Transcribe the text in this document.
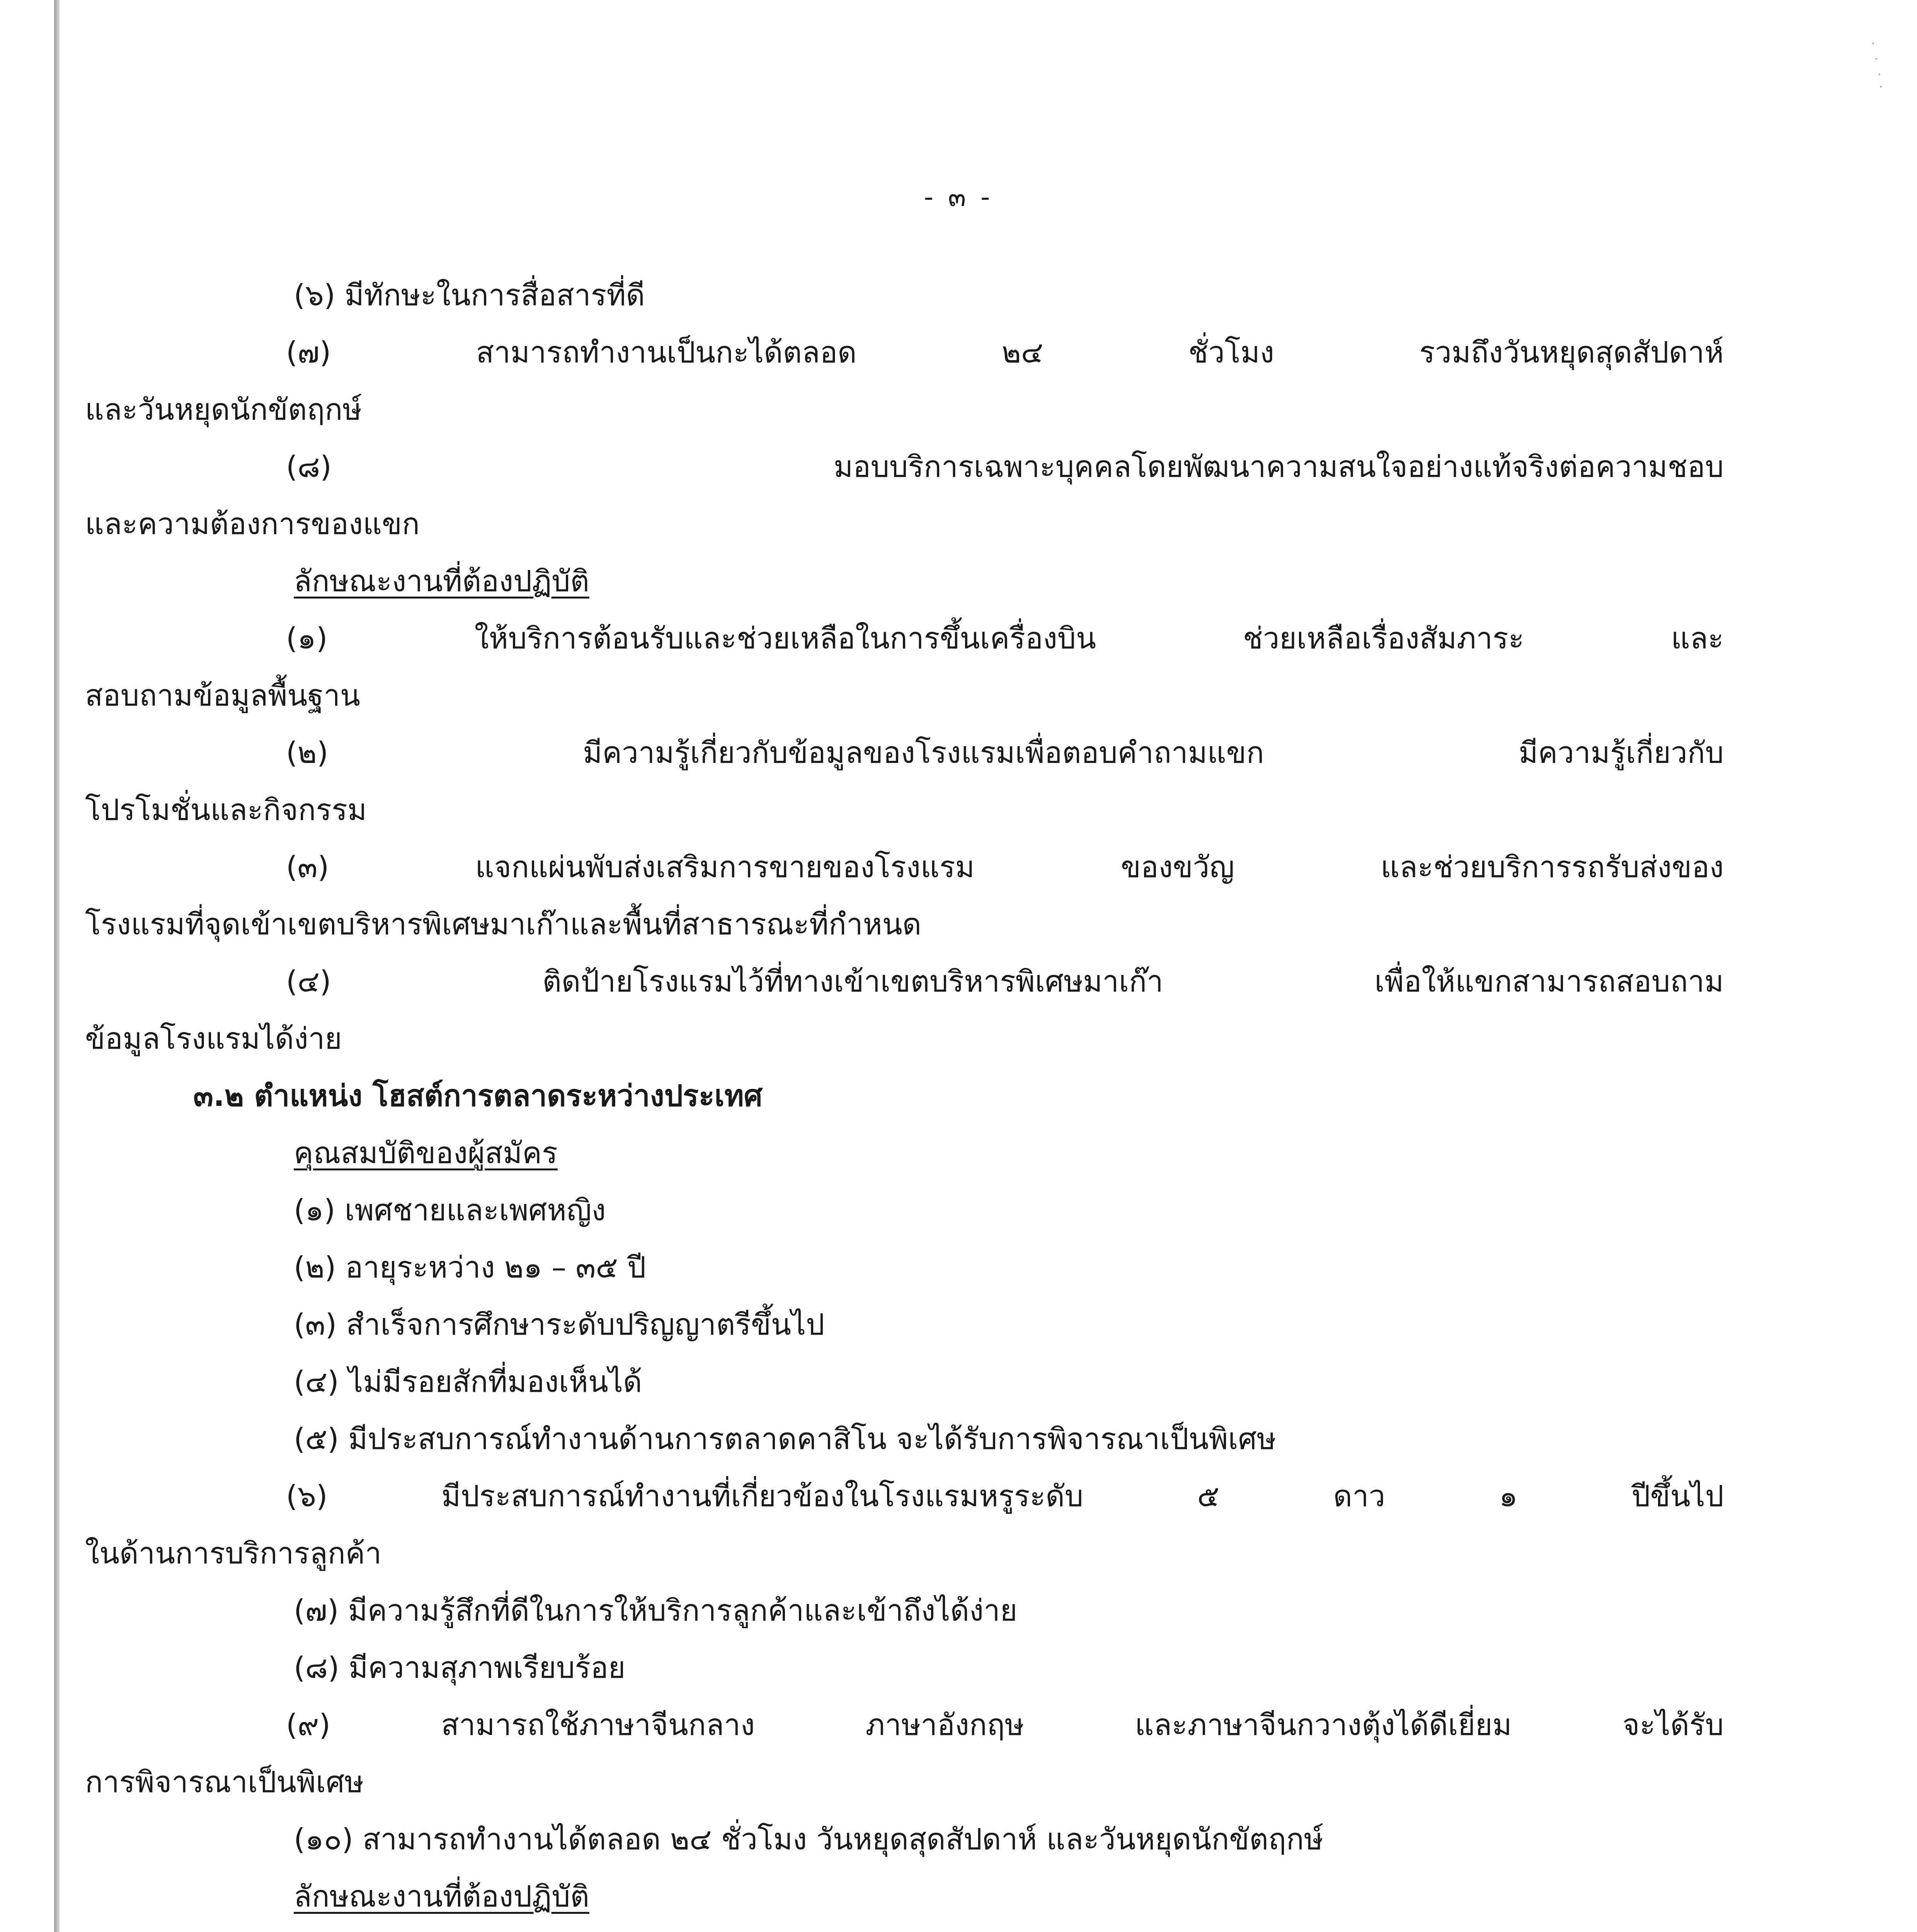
- ๓ -

(๖) มีทักษะในการสื่อสารที่ดี

(๗) สามารถทำงานเป็นกะได้ตลอด ๒๔ ชั่วโมง รวมถึงวันหยุดสุดสัปดาห์
และวันหยุดนักขัตฤกษ์

(๘) มอบบริการเฉพาะบุคคลโดยพัฒนาความสนใจอย่างแท้จริงต่อความชอบ
และความต้องการของแขก

ลักษณะงานที่ต้องปฏิบัติ

(๑) ให้บริการต้อนรับและช่วยเหลือในการขึ้นเครื่องบิน ช่วยเหลือเรื่องสัมภาระ และ
สอบถามข้อมูลพื้นฐาน

(๒) มีความรู้เกี่ยวกับข้อมูลของโรงแรมเพื่อตอบคำถามแขก มีความรู้เกี่ยวกับ
โปรโมชั่นและกิจกรรม

(๓) แจกแผ่นพับส่งเสริมการขายของโรงแรม ของขวัญ และช่วยบริการรถรับส่งของ
โรงแรมที่จุดเข้าเขตบริหารพิเศษมาเก๊าและพื้นที่สาธารณะที่กำหนด

(๔) ติดป้ายโรงแรมไว้ที่ทางเข้าเขตบริหารพิเศษมาเก๊า เพื่อให้แขกสามารถสอบถาม
ข้อมูลโรงแรมได้ง่าย

๓.๒ ตำแหน่ง โฮสต์การตลาดระหว่างประเทศ

คุณสมบัติของผู้สมัคร

(๑) เพศชายและเพศหญิง

(๒) อายุระหว่าง ๒๑ – ๓๕ ปี

(๓) สำเร็จการศึกษาระดับปริญญาตรีขึ้นไป

(๔) ไม่มีรอยสักที่มองเห็นได้

(๕) มีประสบการณ์ทำงานด้านการตลาดคาสิโน จะได้รับการพิจารณาเป็นพิเศษ

(๖) มีประสบการณ์ทำงานที่เกี่ยวข้องในโรงแรมหรูระดับ ๕ ดาว ๑ ปีขึ้นไป
ในด้านการบริการลูกค้า

(๗) มีความรู้สึกที่ดีในการให้บริการลูกค้าและเข้าถึงได้ง่าย

(๘) มีความสุภาพเรียบร้อย

(๙) สามารถใช้ภาษาจีนกลาง ภาษาอังกฤษ และภาษาจีนกวางตุ้งได้ดีเยี่ยม จะได้รับ
การพิจารณาเป็นพิเศษ

(๑๐) สามารถทำงานได้ตลอด ๒๔ ชั่วโมง วันหยุดสุดสัปดาห์ และวันหยุดนักขัตฤกษ์

ลักษณะงานที่ต้องปฏิบัติ
